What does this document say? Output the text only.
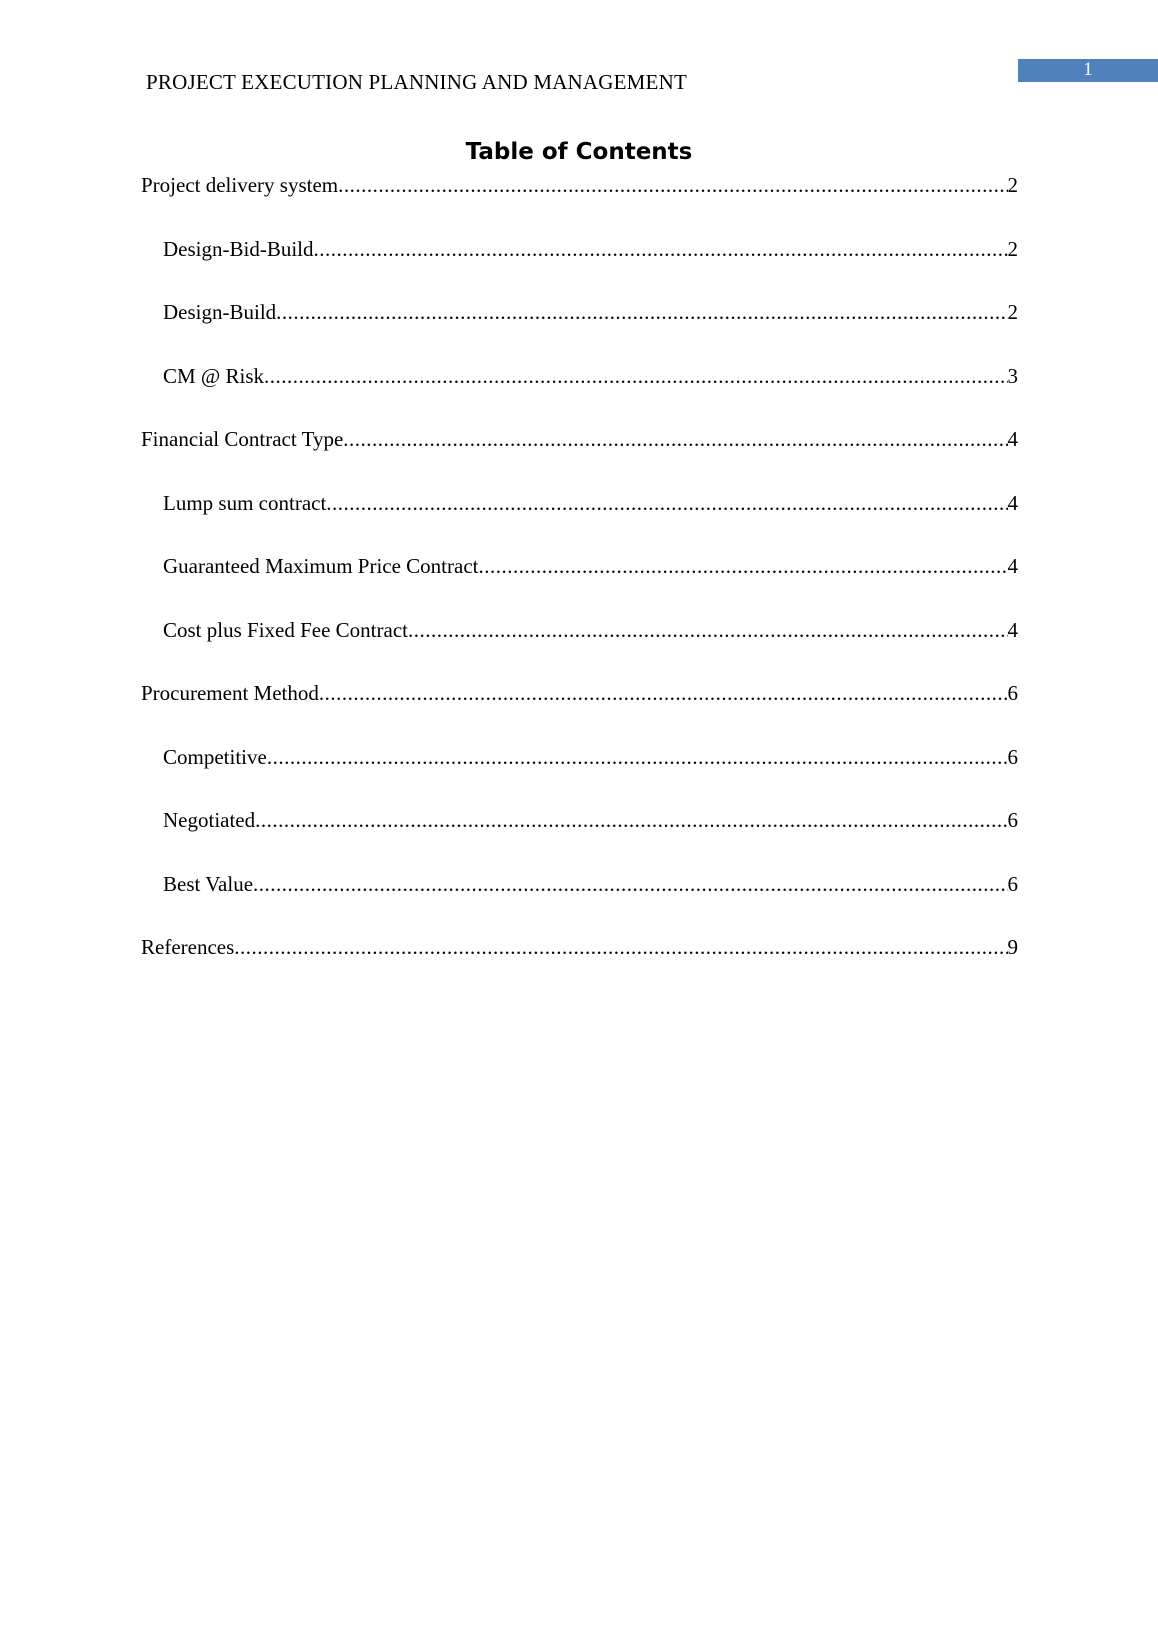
PROJECT EXECUTION PLANNING AND MANAGEMENT
1
Table of Contents
Project delivery system .....	2
Design-Bid-Build .....	2
Design-Build .....	2
CM @ Risk .....	3
Financial Contract Type .....	4
Lump sum contract .....	4
Guaranteed Maximum Price Contract .....	4
Cost plus Fixed Fee Contract .....	4
Procurement Method .....	6
Competitive .....	6
Negotiated .....	6
Best Value .....	6
References .....	9
